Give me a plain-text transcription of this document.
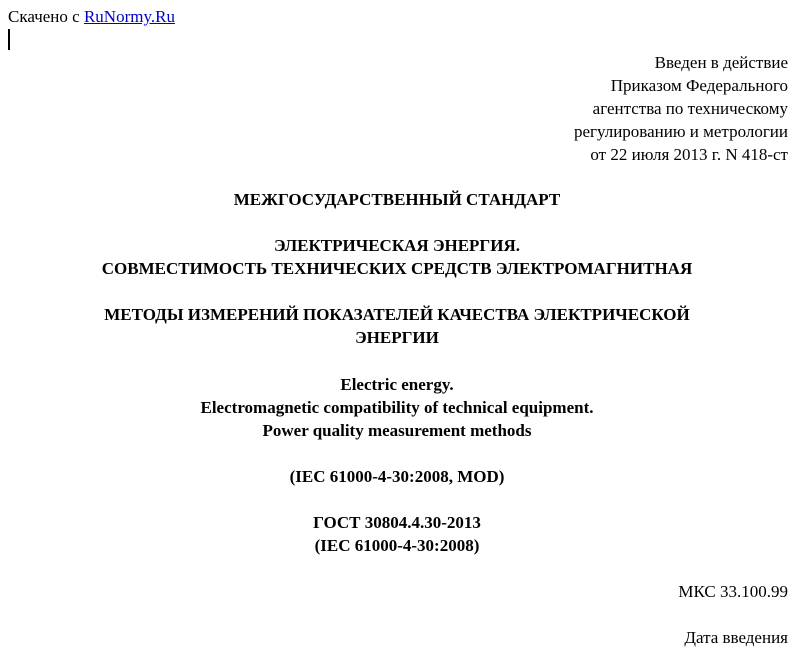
Скачено с RuNormy.Ru
Введен в действие
Приказом Федерального
агентства по техническому
регулированию и метрологии
от 22 июля 2013 г. N 418-ст
МЕЖГОСУДАРСТВЕННЫЙ СТАНДАРТ
ЭЛЕКТРИЧЕСКАЯ ЭНЕРГИЯ.
СОВМЕСТИМОСТЬ ТЕХНИЧЕСКИХ СРЕДСТВ ЭЛЕКТРОМАГНИТНАЯ
МЕТОДЫ ИЗМЕРЕНИЙ ПОКАЗАТЕЛЕЙ КАЧЕСТВА ЭЛЕКТРИЧЕСКОЙ
ЭНЕРГИИ
Electric energy.
Electromagnetic compatibility of technical equipment.
Power quality measurement methods
(IEC 61000-4-30:2008, MOD)
ГОСТ 30804.4.30-2013
(IEC 61000-4-30:2008)
МКС 33.100.99
Дата введения
